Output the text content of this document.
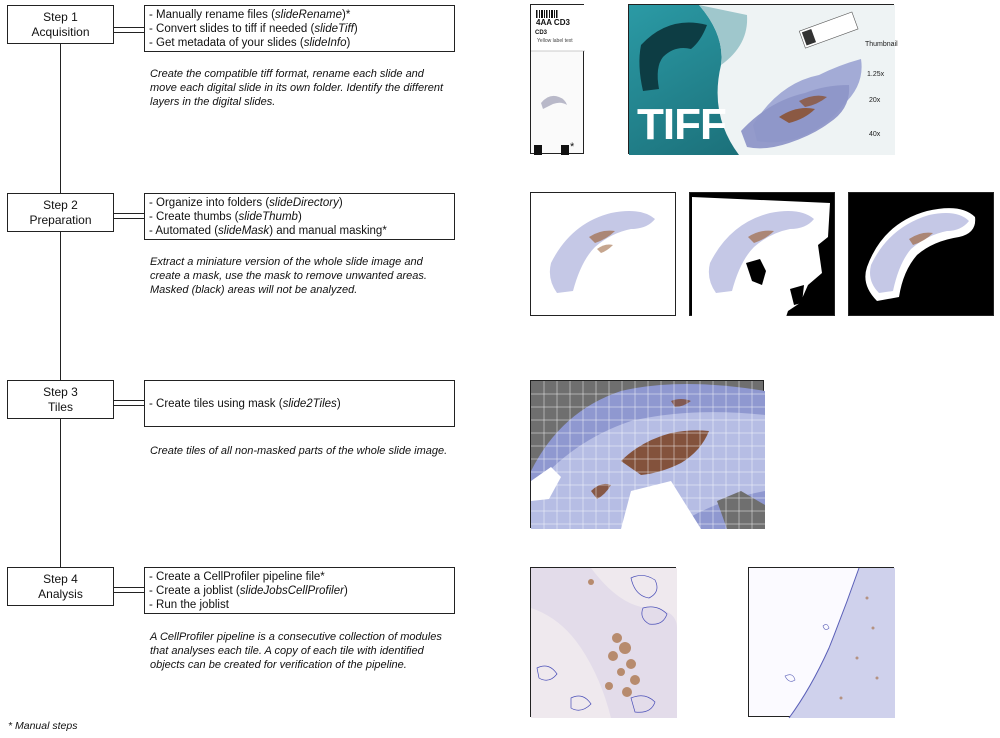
Step 1
Acquisition
- Manually rename files (slideRename)*
- Convert slides to tiff if needed (slideTiff)
- Get metadata of your slides (slideInfo)
Create the compatible tiff format, rename each slide and move each digital slide in its own folder. Identify the different layers in the digital slides.
Step 2
Preparation
- Organize into folders (slideDirectory)
- Create thumbs (slideThumb)
- Automated (slideMask) and manual masking*
Extract a miniature version of the whole slide image and create a mask, use the mask to remove unwanted areas. Masked (black) areas will not be analyzed.
Step 3
Tiles	- Create tiles using mask (slide2Tiles)
Create tiles of all non-masked parts of the whole slide image.
Step 4
Analysis
- Create a CellProfiler pipeline file*
- Create a joblist (slideJobsCellProfiler)
- Run the joblist
A CellProfiler pipeline is a consecutive collection of modules that analyses each tile. A copy of each tile with identified objects can be created for verification of the pipeline.
* Manual steps
Yellow label text
4AA CD3
CD3
* TIFF
Thumbnail
1.25x
20x
40x
